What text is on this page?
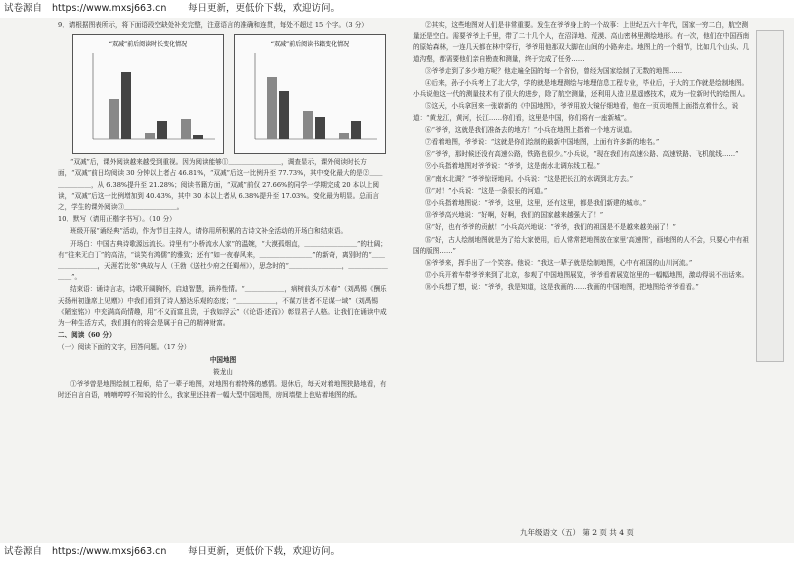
试卷源自 https://www.mxsj663.cn 每日更新，更低价下载，欢迎访问。

9．请根据图表所示，将下面语段空缺处补充完整，注意语言的准确和连贯，每处不超过 15 个字。（3 分）

“双减”前后阅读时长变化情况	“双减”前后阅读书籍变化情况

“双减”后，课外阅读越来越受到重视。因为阅读能够①＿＿＿＿＿＿＿＿，调查显示，课外阅读时长方面，“双减”前日均阅读 30 分钟以上者占 46.81%，“双减”后这一比例升至 77.73%，其中变化最大的是②＿＿＿＿＿＿＿，从 6.38%提升至 21.28%；阅读书籍方面，“双减”前仅 27.66%的同学一学期完成 20 本以上阅读，“双减”后这一比例增加到 40.43%，其中 30 本以上者从 6.38%提升至 17.03%。变化最为明显。总而言之，学生的课外阅读③＿＿＿＿＿＿＿＿。

10．默写（请用正楷字书写）。（10 分）

班级开展“诵经典”活动，作为节目主持人，请你用所积累的古诗文补全活动的开场白和结束语。

开场白：中国古典诗歌源远流长。诗里有“小桥流水人家”的温婉，“大漠孤烟直，＿＿＿＿＿＿＿＿”的壮阔；有“往来无白丁”的高洁，“谈笑有鸿儒”的雅致；还有“如一夜春风来，＿＿＿＿＿＿＿＿”的新奇，离别时的“＿＿＿＿＿＿＿＿，天涯若比邻”典故与人（王勃《送杜少府之任蜀州》），思念时的“＿＿＿＿＿＿＿＿，＿＿＿＿＿＿＿＿”。

结束语：诵诗言志，诗歌开阔胸怀，启迪智慧，涵养性情。“＿＿＿＿＿＿，病树前头万木春”（刘禹锡《酬乐天扬州初逢席上见赠》）中我们看到了诗人豁达乐观的态度；“＿＿＿＿＿＿，不谋万世者不足谋一域”（刘禹锡《陋室铭》）中充满高尚情趣，用“不义而富且贵，于我如浮云”（《论语·述而》）彰显君子人格。让我们在诵读中成为一种生活方式，我们拥有的将会是属于自己的精神财富。

二、阅读（60 分）

（一）阅读下面的文字，回答问题。（17 分）

中国地图

筱龙山

①爷爷曾是地图绘制工程师，给了一辈子地图，对地图有着特殊的感情。退休后，每天对着地图狭路地看，有时还自言自语，喃喃哼哼不知说的什么，我家里还挂着一幅大型中国地图，房间墙壁上也贴着地图的纸。

②其实，这些地图对人们是非常重要。发生在爷爷身上的一个故事：上世纪五六十年代，国家一穷二白，航空测量还是空白。需要爷爷上千里，带了二十几个人，在沼泽地、荒漠、高山密林里测绘地形。有一次，他们在中国西南的原始森林，一连几天都在林中穿行，爷爷用他那双大脚在山间的小路奔走。地图上的一个细节，比如几个山头、几道沟壑，都需要他们亲自勘查和测量，终于完成了任务……

③爷爷走到了多少地方呢？他走遍全国的每一个省份，曾经为国家绘制了无数的地图……

④后来，孙子小兵考上了北大学，学的就是地理测绘与地理信息工程专业，毕业后，于大的工作就是绘制地图。小兵说他这一代的测量技术有了很大的进步，除了航空测量，还利用人造卫星遥感技术，成为一位新时代的绘图人。

⑤这天，小兵拿回来一张崭新的《中国地图》，爷爷用放大镜仔细地看，他在一页页地图上面指点着什么，说道：“黄龙江，黄河，长江……你们看，这里是中国，你们将有一座新城”。

⑥“爷爷，这就是我们准备去的地方！”小兵在地图上指着一个地方说道。

⑦看着地图，爷爷说：“这就是你们绘制的最新中国地图，上面有许多新的地名。”

⑧“爷爷，那时候还没有高速公路，铁路也很少。”小兵说，“现在我们有高速公路、高速铁路、飞机航线……”

⑨小兵指着地图对爷爷说：“爷爷，这是南水北调东线工程。”

⑩“南水北调？”爷爷惊讶地问。小兵说：“这是把长江的水调到北方去。”

⑪“对！”小兵说：“这是一条很长的河道。”

⑫小兵指着地图说：“爷爷，这里，这里，还有这里，都是我们新建的城市。”

⑬爷爷高兴地说：“好啊，好啊，我们的国家越来越强大了！”

⑭“好，也有爷爷的贡献！”小兵高兴地说：“爷爷，我们的祖国是不是越来越美丽了！”

⑮“好，古人绘制地图就是为了给大家使用，后人常常把地图放在家里‘高速图’，画地图的人不会，只要心中有祖国的版图……”

⑯爷爷来，挥手出了一个笑容。他说：“我这一辈子就是绘制地图，心中有祖国的山川河流。”

⑰小兵开着车带爷爷来到了北京，参观了中国地图展览，爷爷看着展览馆里的一幅幅地图，激动得说不出话来。

⑱小兵想了想，说：“爷爷，我是知道，这是我画的……我画的中国地图，把地图给爷爷看看。”

九年级语文（五） 第 2 页 共 4 页
试卷源自 https://www.mxsj663.cn 每日更新，更低价下载，欢迎访问。
